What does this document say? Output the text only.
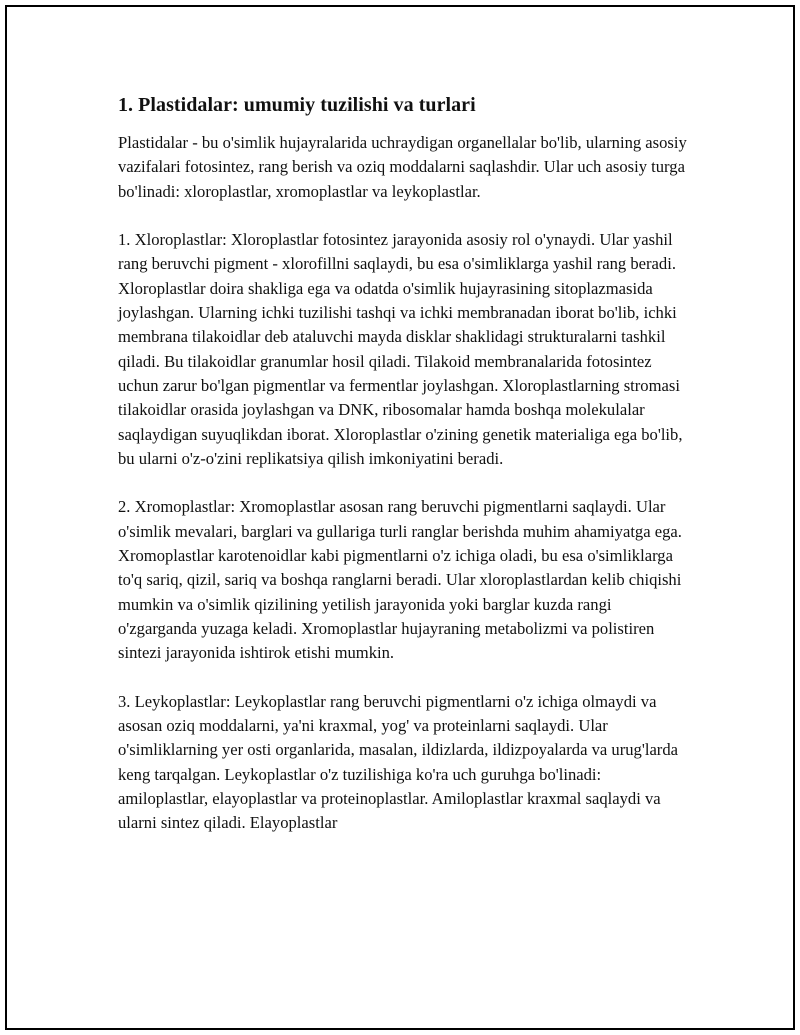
1. Plastidalar: umumiy tuzilishi va turlari

Plastidalar - bu o'simlik hujayralarida uchraydigan organellalar bo'lib, ularning asosiy vazifalari fotosintez, rang berish va oziq moddalarni saqlashdir. Ular uch asosiy turga bo'linadi: xloroplastlar, xromoplastlar va leykoplastlar.

1. Xloroplastlar: Xloroplastlar fotosintez jarayonida asosiy rol o'ynaydi. Ular yashil rang beruvchi pigment - xlorofillni saqlaydi, bu esa o'simliklarga yashil rang beradi. Xloroplastlar doira shakliga ega va odatda o'simlik hujayrasining sitoplazmasida joylashgan. Ularning ichki tuzilishi tashqi va ichki membranadan iborat bo'lib, ichki membrana tilakoidlar deb ataluvchi mayda disklar shaklidagi strukturalarni tashkil qiladi. Bu tilakoidlar granumlar hosil qiladi. Tilakoid membranalarida fotosintez uchun zarur bo'lgan pigmentlar va fermentlar joylashgan. Xloroplastlarning stromasi tilakoidlar orasida joylashgan va DNK, ribosomalar hamda boshqa molekulalar saqlaydigan suyuqlikdan iborat. Xloroplastlar o'zining genetik materialiga ega bo'lib, bu ularni o'z-o'zini replikatsiya qilish imkoniyatini beradi.

2. Xromoplastlar: Xromoplastlar asosan rang beruvchi pigmentlarni saqlaydi. Ular o'simlik mevalari, barglari va gullariga turli ranglar berishda muhim ahamiyatga ega. Xromoplastlar karotenoidlar kabi pigmentlarni o'z ichiga oladi, bu esa o'simliklarga to'q sariq, qizil, sariq va boshqa ranglarni beradi. Ular xloroplastlardan kelib chiqishi mumkin va o'simlik qizilining yetilish jarayonida yoki barglar kuzda rangi o'zgarganda yuzaga keladi. Xromoplastlar hujayraning metabolizmi va polistiren sintezi jarayonida ishtirok etishi mumkin.

3. Leykoplastlar: Leykoplastlar rang beruvchi pigmentlarni o'z ichiga olmaydi va asosan oziq moddalarni, ya'ni kraxmal, yog' va proteinlarni saqlaydi. Ular o'simliklarning yer osti organlarida, masalan, ildizlarda, ildizpoyalarda va urug'larda keng tarqalgan. Leykoplastlar o'z tuzilishiga ko'ra uch guruhga bo'linadi: amiloplastlar, elayoplastlar va proteinoplastlar. Amiloplastlar kraxmal saqlaydi va ularni sintez qiladi. Elayoplastlar
